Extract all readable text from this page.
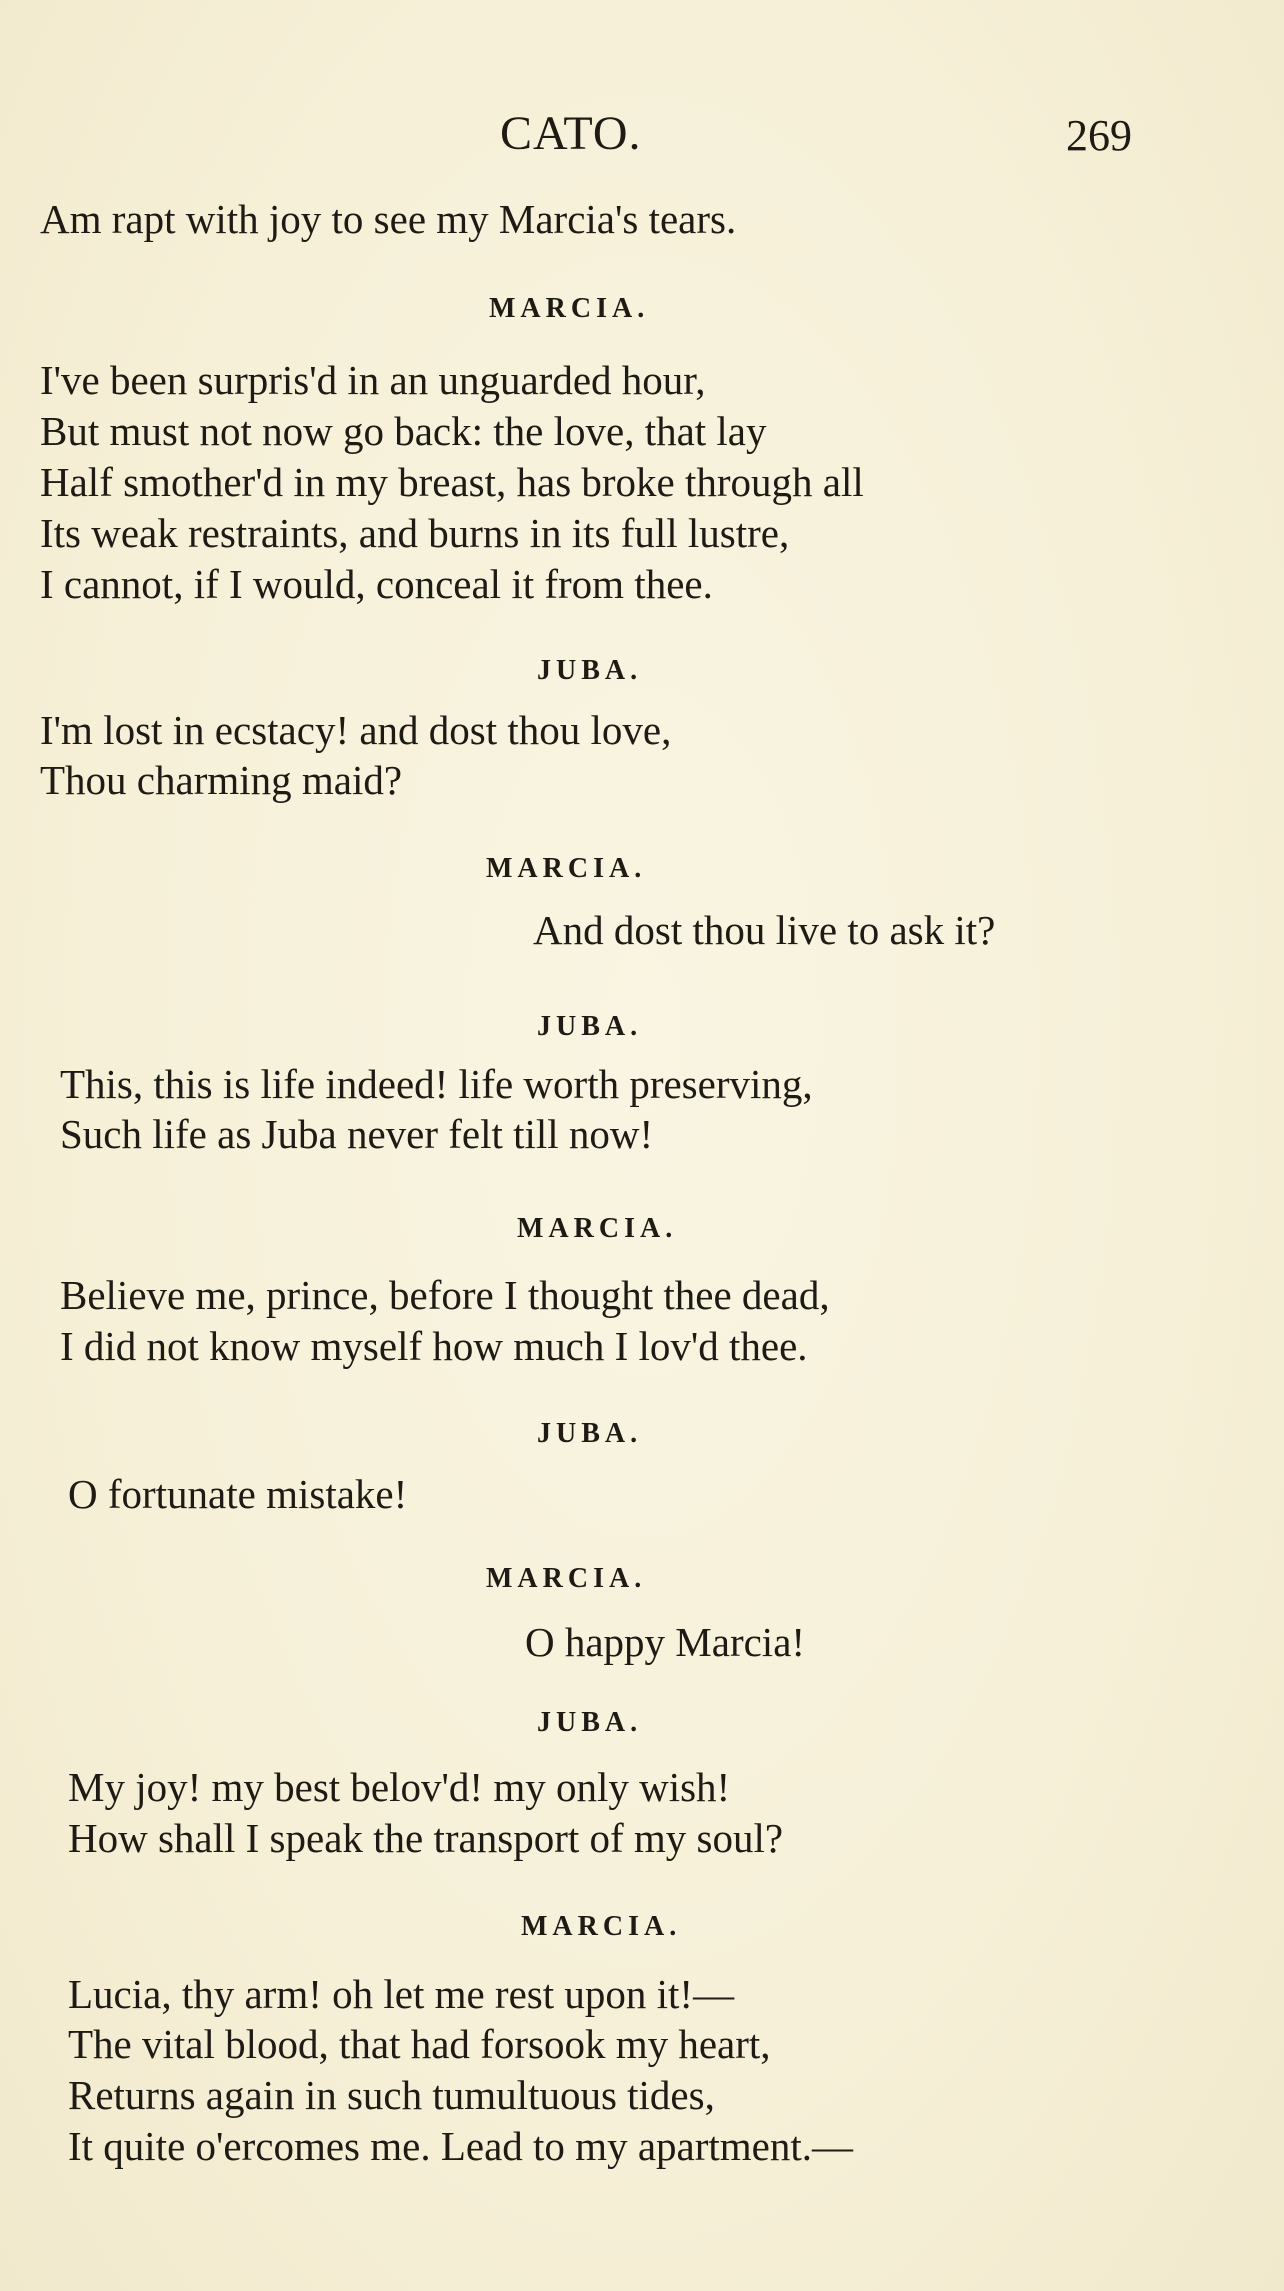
CATO.	269
Am rapt with joy to see my Marcia's tears.
MARCIA.
I've been surpris'd in an unguarded hour,
But must not now go back: the love, that lay
Half smother'd in my breast, has broke through all
Its weak restraints, and burns in its full lustre,
I cannot, if I would, conceal it from thee.
JUBA.
I'm lost in ecstacy! and dost thou love,
Thou charming maid?
MARCIA.
And dost thou live to ask it?
JUBA.
This, this is life indeed! life worth preserving,
Such life as Juba never felt till now!
MARCIA.
Believe me, prince, before I thought thee dead,
I did not know myself how much I lov'd thee.
JUBA.
O fortunate mistake!
MARCIA.
O happy Marcia!
JUBA.
My joy! my best belov'd! my only wish!
How shall I speak the transport of my soul?
MARCIA.
Lucia, thy arm! oh let me rest upon it!—
The vital blood, that had forsook my heart,
Returns again in such tumultuous tides,
It quite o'ercomes me. Lead to my apartment.—
